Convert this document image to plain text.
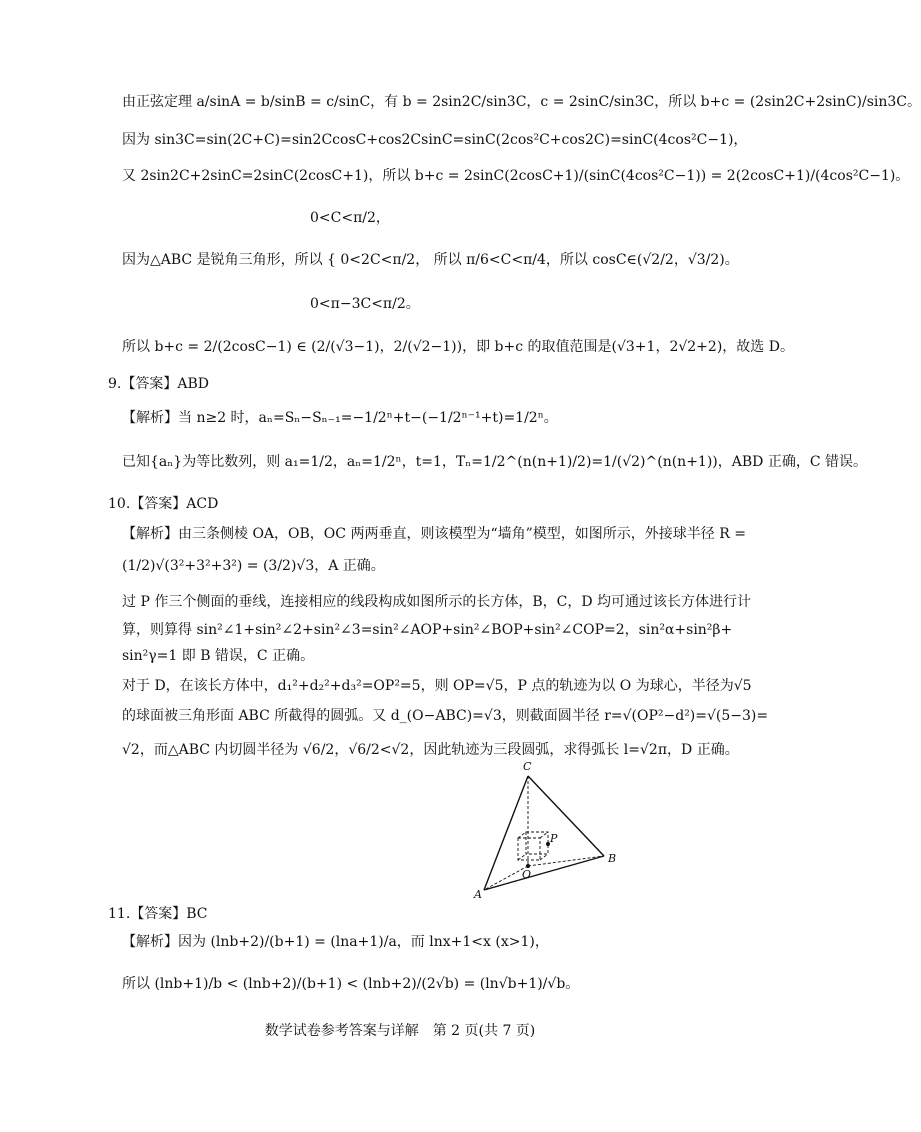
由正弦定理 a/sinA = b/sinB = c/sinC，有 b = 2sin2C/sin3C，c = 2sinC/sin3C，所以 b+c = (2sin2C+2sinC)/sin3C。
因为 sin3C=sin(2C+C)=sin2CcosC+cos2CsinC=sinC(2cos²C+cos2C)=sinC(4cos²C−1)，
又 2sin2C+2sinC=2sinC(2cosC+1)，所以 b+c = 2sinC(2cosC+1)/(sinC(4cos²C−1)) = 2(2cosC+1)/(4cos²C−1)。
0<C<π/2，
因为△ABC 是锐角三角形，所以 { 0<2C<π/2， 所以 π/6<C<π/4，所以 cosC∈(√2/2，√3/2)。
0<π−3C<π/2。
所以 b+c = 2/(2cosC−1) ∈ (2/(√3−1)，2/(√2−1))，即 b+c 的取值范围是(√3+1，2√2+2)，故选 D。
9.【答案】ABD
【解析】当 n≥2 时，aₙ=Sₙ−Sₙ₋₁=−1/2ⁿ+t−(−1/2ⁿ⁻¹+t)=1/2ⁿ。
已知{aₙ}为等比数列，则 a₁=1/2，aₙ=1/2ⁿ，t=1，Tₙ=1/2^(n(n+1)/2)=1/(√2)^(n(n+1))，ABD 正确，C 错误。
10.【答案】ACD
【解析】由三条侧棱 OA，OB，OC 两两垂直，则该模型为“墙角”模型，如图所示，外接球半径 R =
(1/2)√(3²+3²+3²) = (3/2)√3，A 正确。
过 P 作三个侧面的垂线，连接相应的线段构成如图所示的长方体，B，C，D 均可通过该长方体进行计
算，则算得 sin²∠1+sin²∠2+sin²∠3=sin²∠AOP+sin²∠BOP+sin²∠COP=2，sin²α+sin²β+
sin²γ=1 即 B 错误，C 正确。
对于 D，在该长方体中，d₁²+d₂²+d₃²=OP²=5，则 OP=√5，P 点的轨迹为以 O 为球心，半径为√5
的球面被三角形面 ABC 所截得的圆弧。又 d_(O−ABC)=√3，则截面圆半径 r=√(OP²−d²)=√(5−3)=
√2，而△ABC 内切圆半径为 √6/2，√6/2<√2，因此轨迹为三段圆弧，求得弧长 l=√2π，D 正确。
11.【答案】BC
【解析】因为 (lnb+2)/(b+1) = (lna+1)/a，而 lnx+1<x (x>1)，
所以 (lnb+1)/b < (lnb+2)/(b+1) < (lnb+2)/(2√b) = (ln√b+1)/√b。
C
P
O
B
A
数学试卷参考答案与详解　第 2 页(共 7 页)
